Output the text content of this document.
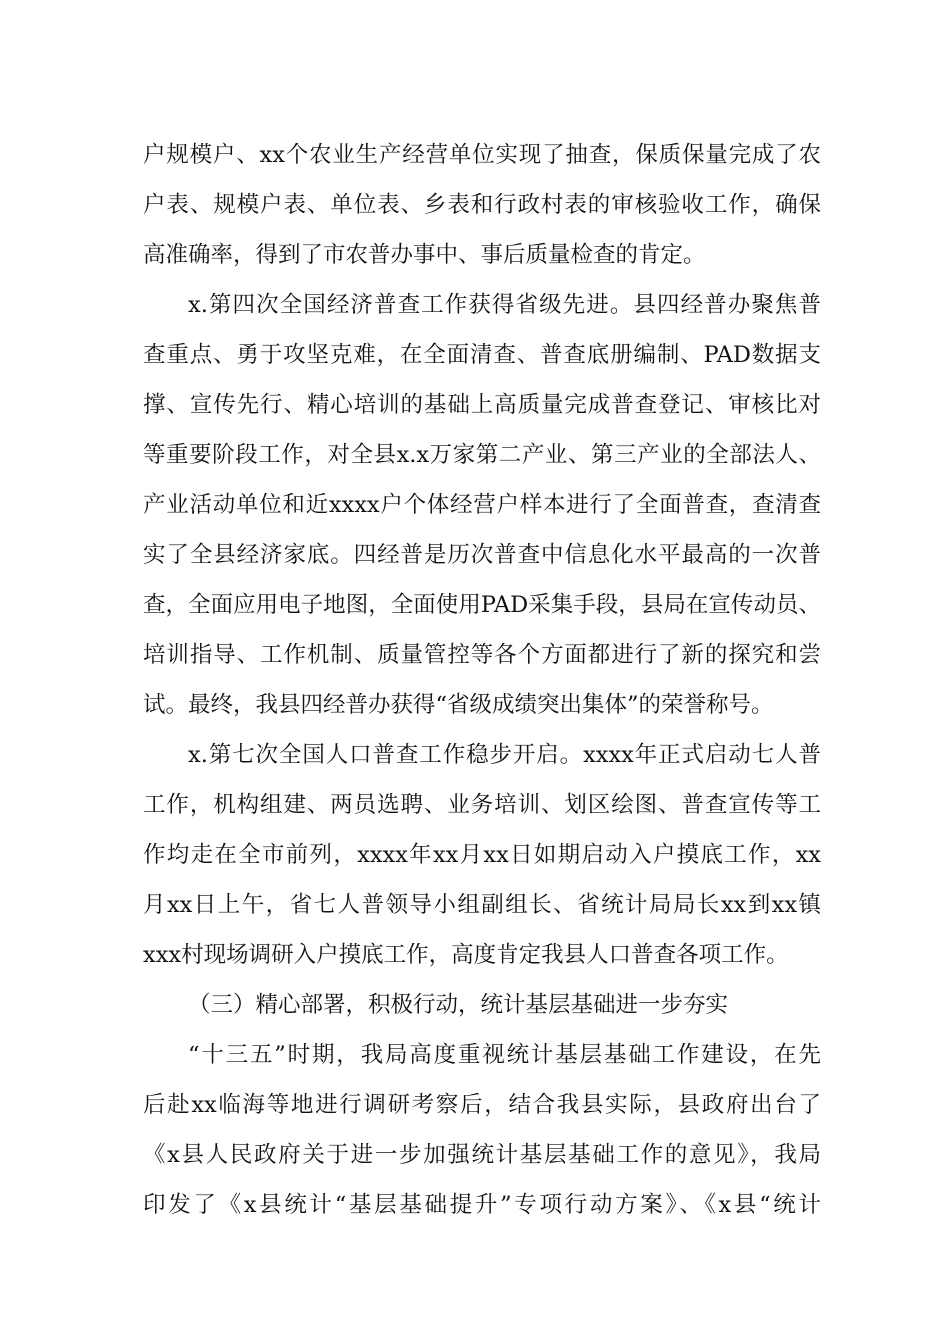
户规模户、xx个农业生产经营单位实现了抽查，保质保量完成了农
户表、规模户表、单位表、乡表和行政村表的审核验收工作，确保
高准确率，得到了市农普办事中、事后质量检查的肯定。
x.第四次全国经济普查工作获得省级先进。县四经普办聚焦普
查重点、勇于攻坚克难，在全面清查、普查底册编制、PAD数据支
撑、宣传先行、精心培训的基础上高质量完成普查登记、审核比对
等重要阶段工作，对全县x.x万家第二产业、第三产业的全部法人、
产业活动单位和近xxxx户个体经营户样本进行了全面普查，查清查
实了全县经济家底。四经普是历次普查中信息化水平最高的一次普
查，全面应用电子地图，全面使用PAD采集手段，县局在宣传动员、
培训指导、工作机制、质量管控等各个方面都进行了新的探究和尝
试。最终，我县四经普办获得“省级成绩突出集体”的荣誉称号。
x.第七次全国人口普查工作稳步开启。xxxx年正式启动七人普
工作，机构组建、两员选聘、业务培训、划区绘图、普查宣传等工
作均走在全市前列，xxxx年xx月xx日如期启动入户摸底工作，xx
月xx日上午，省七人普领导小组副组长、省统计局局长xx到xx镇
xxx村现场调研入户摸底工作，高度肯定我县人口普查各项工作。
（三）精心部署，积极行动，统计基层基础进一步夯实
“十三五”时期，我局高度重视统计基层基础工作建设，在先
后赴xx临海等地进行调研考察后，结合我县实际，县政府出台了
《x县人民政府关于进一步加强统计基层基础工作的意见》，我局
印发了《x县统计“基层基础提升”专项行动方案》、《x县“统计
